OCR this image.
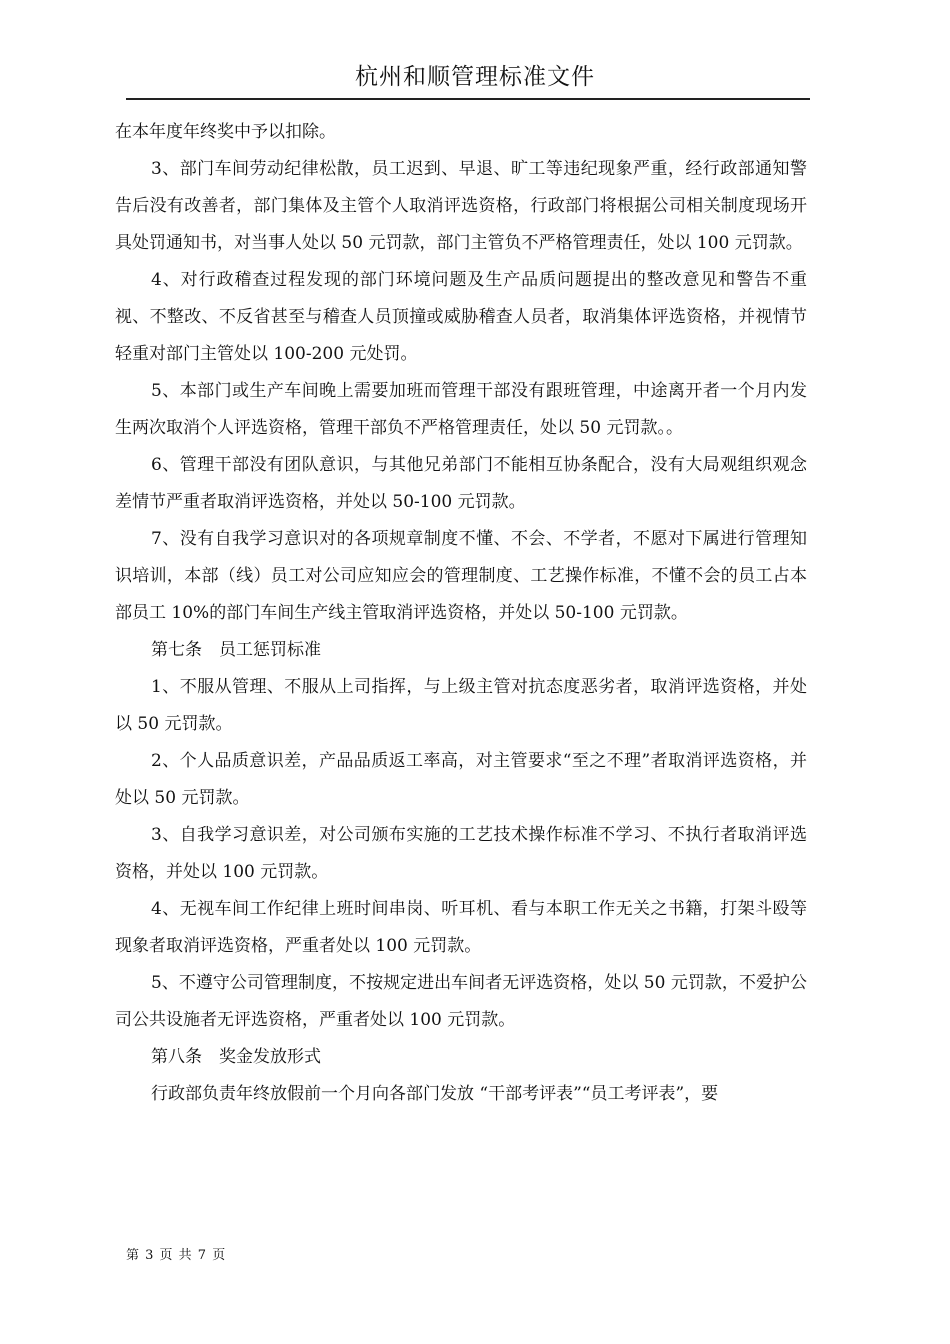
杭州和顺管理标准文件

在本年度年终奖中予以扣除。

3、部门车间劳动纪律松散，员工迟到、早退、旷工等违纪现象严重，经行政部通知警告后没有改善者，部门集体及主管个人取消评选资格，行政部门将根据公司相关制度现场开具处罚通知书，对当事人处以 50 元罚款，部门主管负不严格管理责任，处以 100 元罚款。

4、对行政稽查过程发现的部门环境问题及生产品质问题提出的整改意见和警告不重视、不整改、不反省甚至与稽查人员顶撞或威胁稽查人员者，取消集体评选资格，并视情节轻重对部门主管处以 100-200 元处罚。

5、本部门或生产车间晚上需要加班而管理干部没有跟班管理，中途离开者一个月内发生两次取消个人评选资格，管理干部负不严格管理责任，处以 50 元罚款。。

6、管理干部没有团队意识，与其他兄弟部门不能相互协条配合，没有大局观组织观念差情节严重者取消评选资格，并处以 50-100 元罚款。

7、没有自我学习意识对的各项规章制度不懂、不会、不学者，不愿对下属进行管理知识培训，本部（线）员工对公司应知应会的管理制度、工艺操作标准，不懂不会的员工占本部员工 10%的部门车间生产线主管取消评选资格，并处以 50-100 元罚款。

第七条　员工惩罚标准

1、不服从管理、不服从上司指挥，与上级主管对抗态度恶劣者，取消评选资格，并处以 50 元罚款。

2、个人品质意识差，产品品质返工率高，对主管要求“至之不理”者取消评选资格，并处以 50 元罚款。

3、自我学习意识差，对公司颁布实施的工艺技术操作标准不学习、不执行者取消评选资格，并处以 100 元罚款。

4、无视车间工作纪律上班时间串岗、听耳机、看与本职工作无关之书籍，打架斗殴等现象者取消评选资格，严重者处以 100 元罚款。

5、不遵守公司管理制度，不按规定进出车间者无评选资格，处以 50 元罚款，不爱护公司公共设施者无评选资格，严重者处以 100 元罚款。

第八条　奖金发放形式

行政部负责年终放假前一个月向各部门发放 “干部考评表”“员工考评表”，要

第 3 页 共 7 页
